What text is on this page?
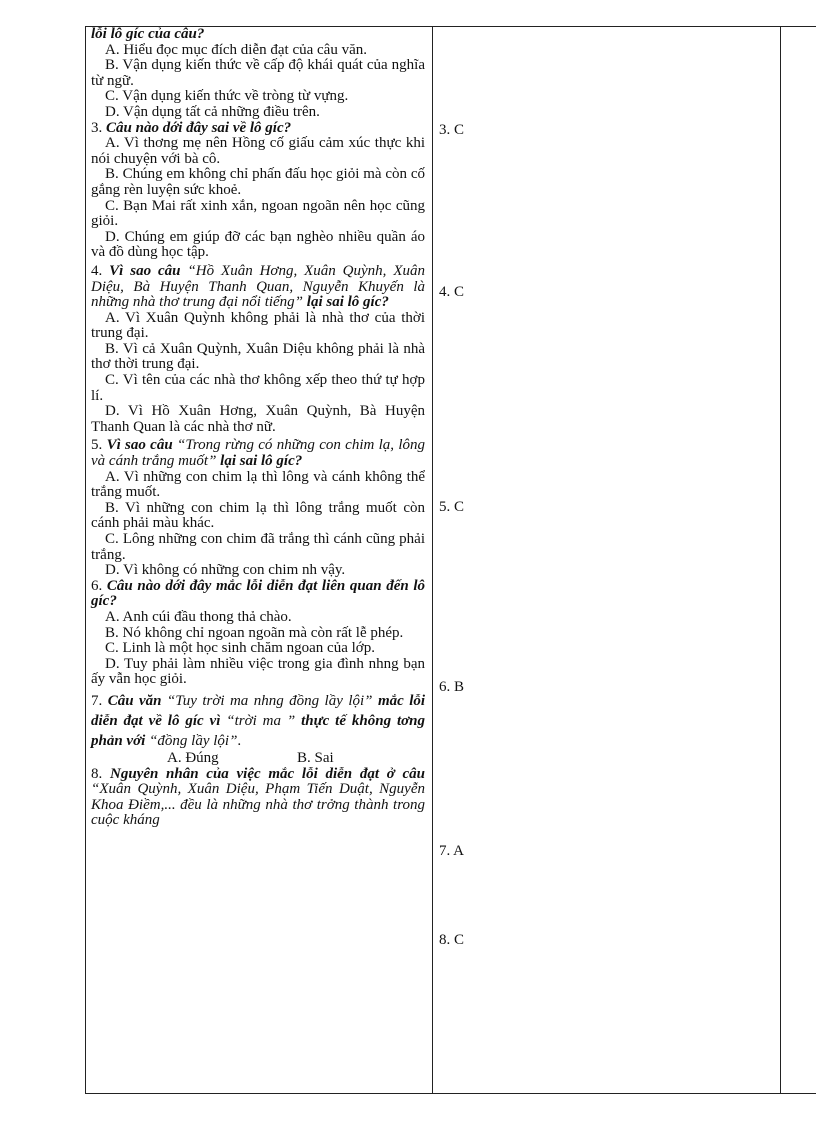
lỗi lô gíc của câu?

A. Hiểu đọc mục đích diễn đạt của câu văn.

B. Vận dụng kiến thức về cấp độ khái quát của nghĩa từ ngữ.

C. Vận dụng kiến thức về tròng từ vựng.

D. Vận dụng tất cả những điều trên.

3. Câu nào dới đây sai về lô gíc?

A. Vì thơng mẹ nên Hồng cố giấu cảm xúc thực khi nói chuyện với bà cô.

B. Chúng em không chỉ phấn đấu học giỏi mà còn cố gắng rèn luyện sức khoẻ.

C. Bạn Mai rất xinh xắn, ngoan ngoãn nên học cũng giỏi.

D. Chúng em giúp đỡ các bạn nghèo nhiều quần áo và đồ dùng học tập.

4. Vì sao câu “Hồ Xuân Hơng, Xuân Quỳnh, Xuân Diệu, Bà Huyện Thanh Quan, Nguyễn Khuyến là những nhà thơ trung đại nổi tiếng” lại sai lô gíc?

A. Vì Xuân Quỳnh không phải là nhà thơ của thời trung đại.

B. Vì cả Xuân Quỳnh, Xuân Diệu không phải là nhà thơ thời trung đại.

C. Vì tên của các nhà thơ không xếp theo thứ tự hợp lí.

D. Vì Hồ Xuân Hơng, Xuân Quỳnh, Bà Huyện Thanh Quan là các nhà thơ nữ.

5. Vì sao câu “Trong rừng có những con chim lạ, lông và cánh trắng muốt” lại sai lô gíc?

A. Vì những con chim lạ thì lông và cánh không thể trắng muốt.

B. Vì những con chim lạ thì lông trắng muốt còn cánh phải màu khác.

C. Lông những con chim đã trắng thì cánh cũng phải trắng.

D. Vì không có những con chim nh vậy.

6. Câu nào dới đây mắc lỗi diễn đạt liên quan đến lô gíc?

A. Anh cúi đầu thong thả chào.

B. Nó không chỉ ngoan ngoãn mà còn rất lễ phép.

C. Linh là một học sinh chăm ngoan của lớp.

D. Tuy phải làm nhiều việc trong gia đình nhng bạn ấy vẫn học giỏi.

7. Câu văn “Tuy trời ma nhng đồng lầy lội” mắc lỗi diễn đạt về lô gíc vì “trời ma ” thực tế không tơng phản với “đồng lầy lội”.

A. Đúng	B. Sai

8. Nguyên nhân của việc mắc lỗi diễn đạt ở câu “Xuân Quỳnh, Xuân Diệu, Phạm Tiến Duật, Nguyễn Khoa Điềm,... đều là những nhà thơ trởng thành trong cuộc kháng

3. C
4. C
5. C
6. B
7. A
8. C
